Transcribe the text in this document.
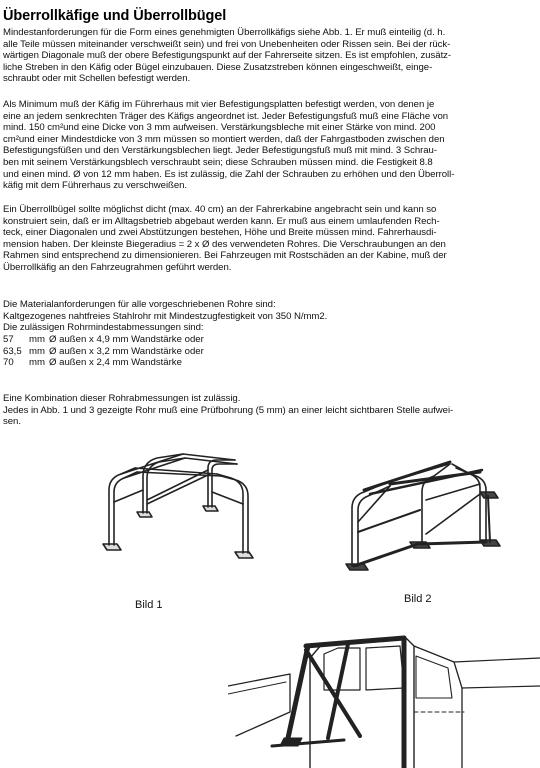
Überrollkäfige und Überrollbügel

Mindestanforderungen für die Form eines genehmigten Überrollkäfigs siehe Abb. 1. Er muß einteilig (d. h.
alle Teile müssen miteinander verschweißt sein) und frei von Unebenheiten oder Rissen sein. Bei der rück-
wärtigen Diagonale muß der obere Befestigungspunkt auf der Fahrerseite sitzen. Es ist empfohlen, zusätz-
liche Streben in den Käfig oder Bügel einzubauen. Diese Zusatzstreben können eingeschweißt, einge-
schraubt oder mit Schellen befestigt werden.

Als Minimum muß der Käfig im Führerhaus mit vier Befestigungsplatten befestigt werden, von denen je
eine an jedem senkrechten Träger des Käfigs angeordnet ist. Jeder Befestigungsfuß muß eine Fläche von
mind. 150 cm²und eine Dicke von 3 mm aufweisen. Verstärkungsbleche mit einer Stärke von mind. 200
cm²und einer Mindestdicke von 3 mm müssen so montiert werden, daß der Fahrgastboden zwischen den
Befestigungsfüßen und den Verstärkungsblechen liegt. Jeder Befestigungsfuß muß mit mind. 3 Schrau-
ben mit seinem Verstärkungsblech verschraubt sein; diese Schrauben müssen mind. die Festigkeit 8.8
und einen mind. Ø von 12 mm haben. Es ist zulässig, die Zahl der Schrauben zu erhöhen und den Überroll-
käfig mit dem Führerhaus zu verschweißen.

Ein Überrollbügel sollte möglichst dicht (max. 40 cm) an der Fahrerkabine angebracht sein und kann so
konstruiert sein, daß er im Alltagsbetrieb abgebaut werden kann. Er muß aus einem umlaufenden Rech-
teck, einer Diagonalen und zwei Abstützungen bestehen, Höhe und Breite müssen mind. Fahrerhausdi-
mension haben. Der kleinste Biegeradius = 2 x Ø des verwendeten Rohres. Die Verschraubungen an den
Rahmen sind entsprechend zu dimensionieren. Bei Fahrzeugen mit Rostschäden an der Kabine, muß der
Überrollkäfig an den Fahrzeugrahmen geführt werden.

Die Materialanforderungen für alle vorgeschriebenen Rohre sind:
Kaltgezogenes nahtfreies Stahlrohr mit Mindestzugfestigkeit von 350 N/mm2.
Die zulässigen Rohrmindestabmessungen sind:

57	mm	Ø außen x 4,9 mm Wandstärke oder
63,5	mm	Ø außen x 3,2 mm Wandstärke oder
70	mm	Ø außen x 2,4 mm Wandstärke

Eine Kombination dieser Rohrabmessungen ist zulässig.
Jedes in Abb. 1 und 3 gezeigte Rohr muß eine Prüfbohrung (5 mm) an einer leicht sichtbaren Stelle aufwei-
sen.

Bild 1	Bild 2
